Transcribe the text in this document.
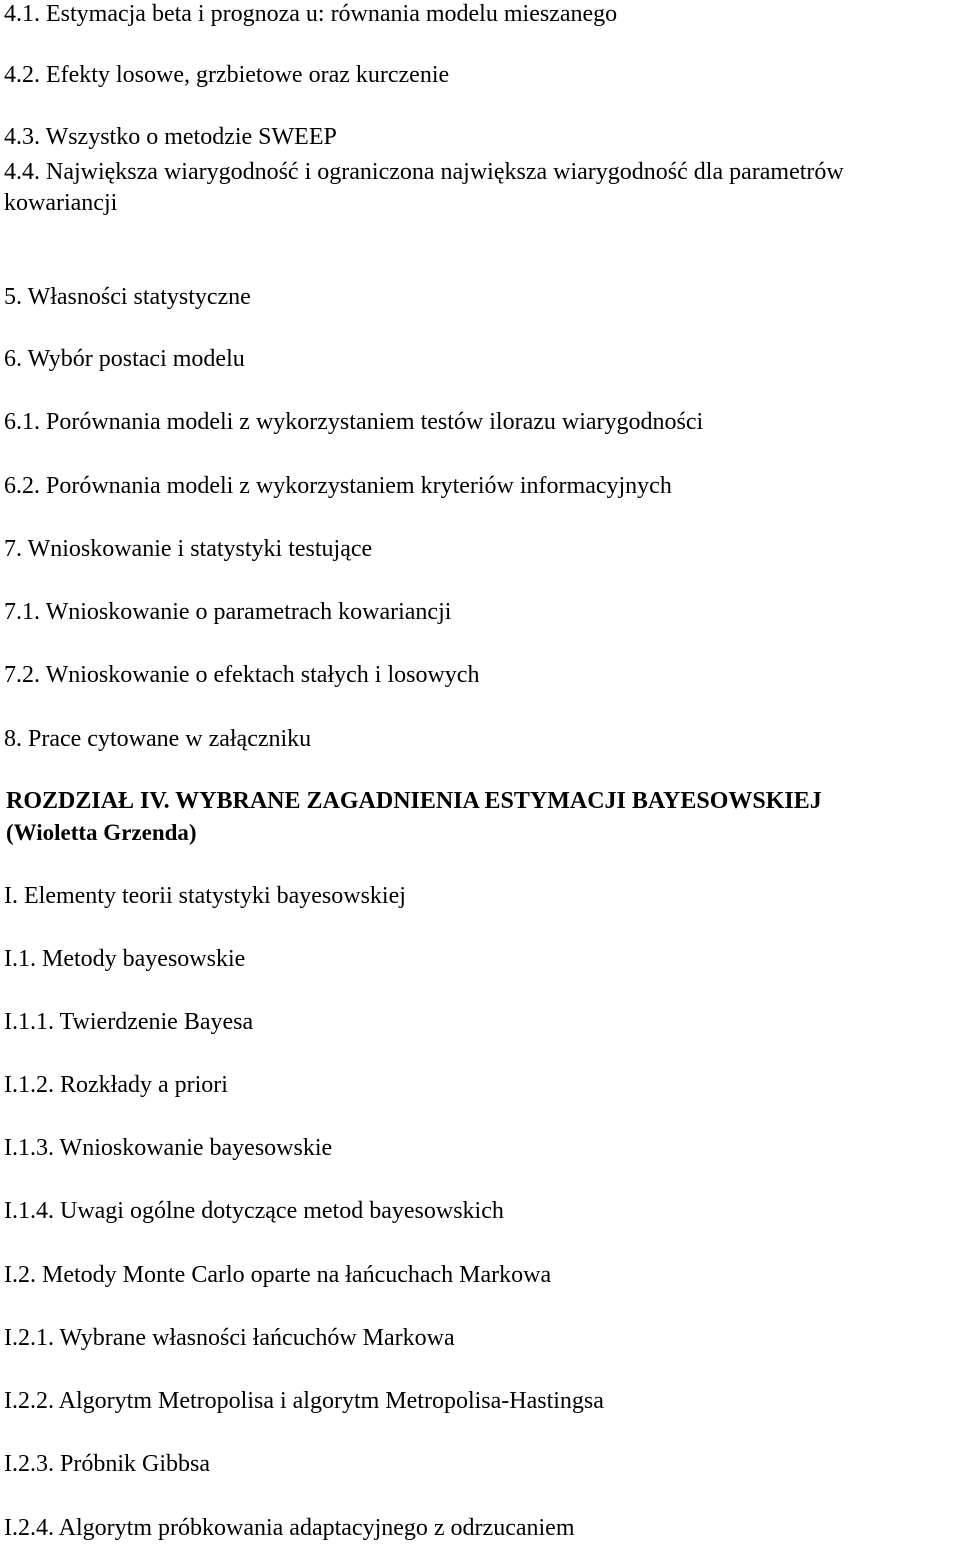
4.1. Estymacja beta i prognoza u: równania modelu mieszanego
4.2. Efekty losowe, grzbietowe oraz kurczenie
4.3. Wszystko o metodzie SWEEP
4.4. Największa wiarygodność i ograniczona największa wiarygodność dla parametrów kowariancji
5. Własności statystyczne
6. Wybór postaci modelu
6.1. Porównania modeli z wykorzystaniem testów ilorazu wiarygodności
6.2. Porównania modeli z wykorzystaniem kryteriów informacyjnych
7. Wnioskowanie i statystyki testujące
7.1. Wnioskowanie o parametrach kowariancji
7.2. Wnioskowanie o efektach stałych i losowych
8. Prace cytowane w załączniku
ROZDZIAŁ IV. WYBRANE ZAGADNIENIA ESTYMACJI BAYESOWSKIEJ
(Wioletta Grzenda)
I. Elementy teorii statystyki bayesowskiej
I.1. Metody bayesowskie
I.1.1. Twierdzenie Bayesa
I.1.2. Rozkłady a priori
I.1.3. Wnioskowanie bayesowskie
I.1.4. Uwagi ogólne dotyczące metod bayesowskich
I.2. Metody Monte Carlo oparte na łańcuchach Markowa
I.2.1. Wybrane własności łańcuchów Markowa
I.2.2. Algorytm Metropolisa i algorytm Metropolisa-Hastingsa
I.2.3. Próbnik Gibbsa
I.2.4. Algorytm próbkowania adaptacyjnego z odrzucaniem
